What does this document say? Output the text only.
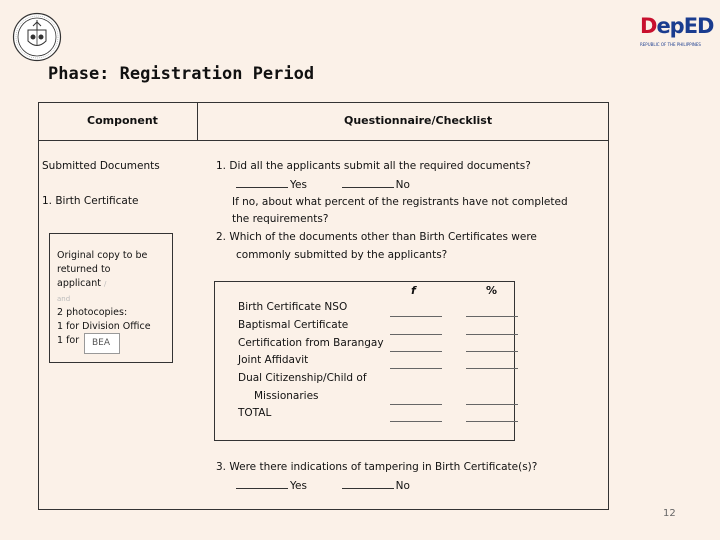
DepED
REPUBLIC OF THE PHILIPPINES
Phase: Registration Period
Component	Questionnaire/Checklist
Submitted Documents
1. Birth Certificate
Original copy to be
returned to
applicant /
and
2 photocopies:
1 for Division Office
1 for	BEA
1. Did all the applicants submit all the required documents?
Yes	No
If no, about what percent of the registrants have not completed
the requirements?
2. Which of the documents other than Birth Certificates were
commonly submitted by the applicants?
f	%
Birth Certificate NSO
Baptismal Certificate
Certification from Barangay
Joint Affidavit
Dual Citizenship/Child of
Missionaries
TOTAL
3. Were there indications of tampering in Birth Certificate(s)?
Yes	No
12
